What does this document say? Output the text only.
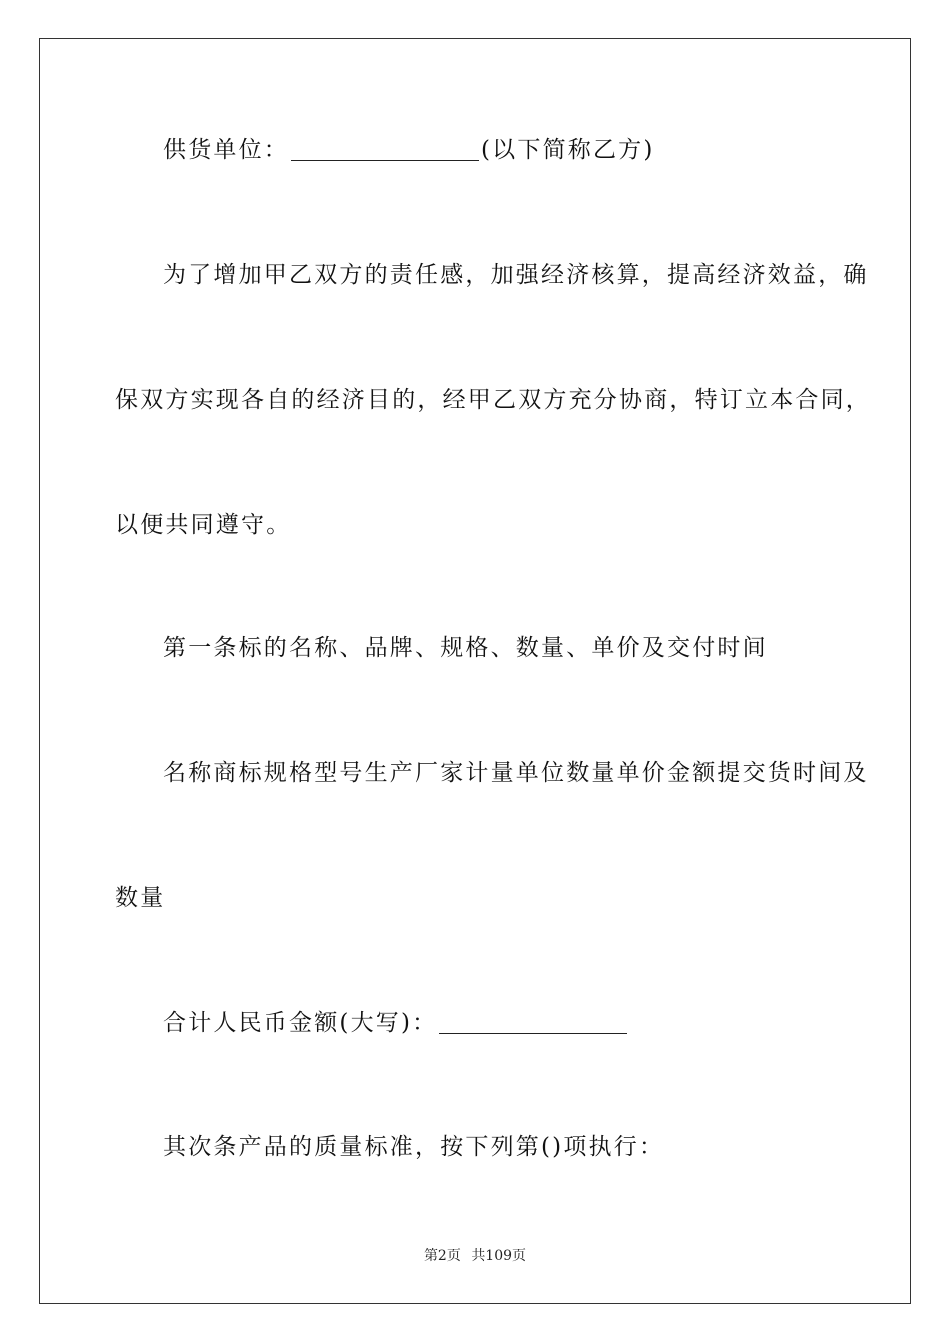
供货单位：	(以下简称乙方)
为了增加甲乙双方的责任感，加强经济核算，提高经济效益，确
保双方实现各自的经济目的，经甲乙双方充分协商，特订立本合同，
以便共同遵守。
第一条标的名称、品牌、规格、数量、单价及交付时间
名称商标规格型号生产厂家计量单位数量单价金额提交货时间及
数量
合计人民币金额(大写)：
其次条产品的质量标准，按下列第()项执行：
第2页 共109页
